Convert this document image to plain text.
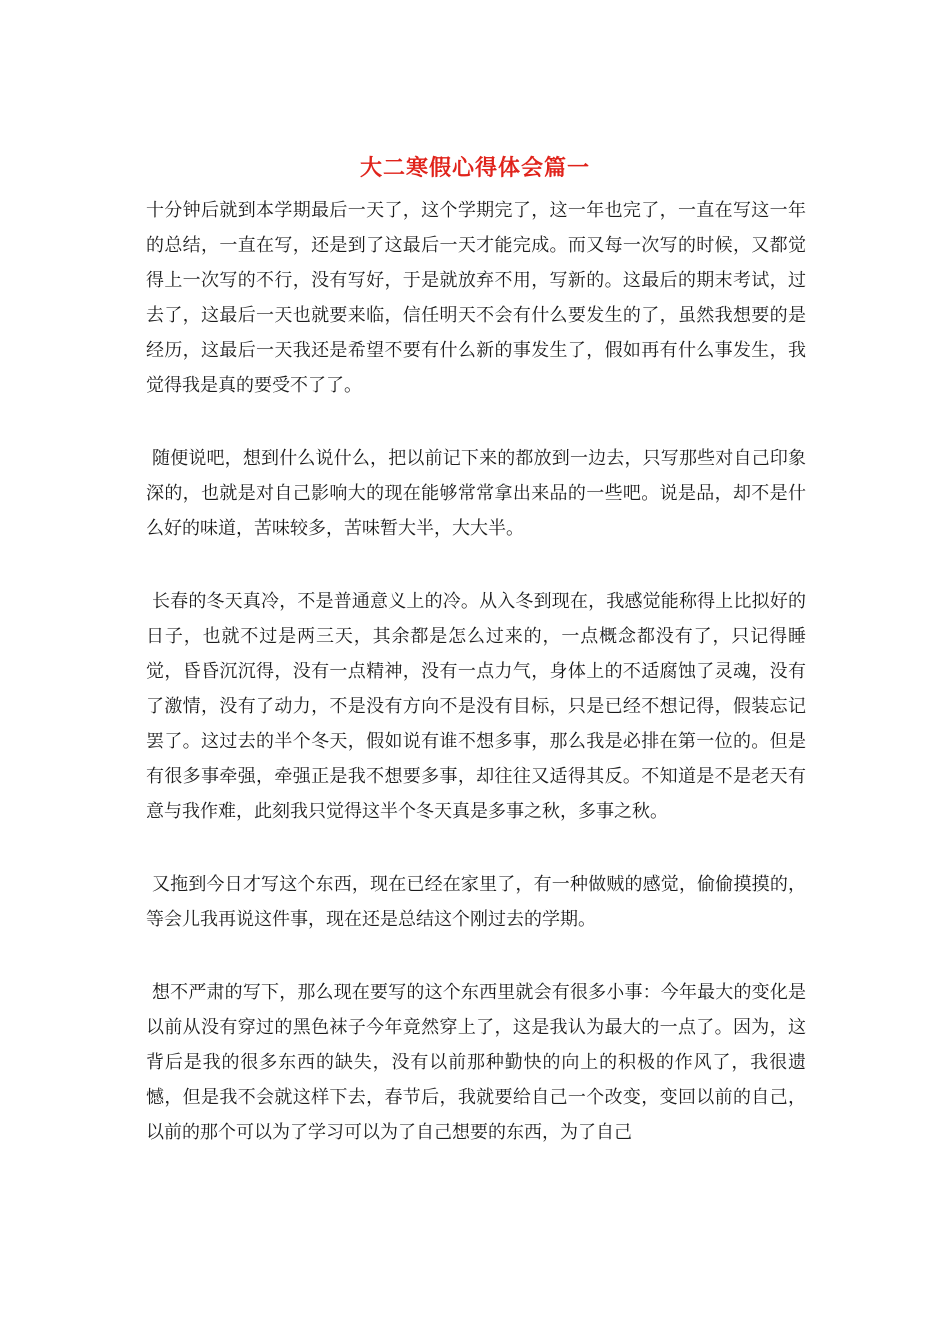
大二寒假心得体会篇一

十分钟后就到本学期最后一天了，这个学期完了，这一年也完了，一直在写这一年的总结，一直在写，还是到了这最后一天才能完成。而又每一次写的时候，又都觉得上一次写的不行，没有写好，于是就放弃不用，写新的。这最后的期末考试，过去了，这最后一天也就要来临，信任明天不会有什么要发生的了，虽然我想要的是经历，这最后一天我还是希望不要有什么新的事发生了，假如再有什么事发生，我觉得我是真的要受不了了。

随便说吧，想到什么说什么，把以前记下来的都放到一边去，只写那些对自己印象深的，也就是对自己影响大的现在能够常常拿出来品的一些吧。说是品，却不是什么好的味道，苦味较多，苦味暂大半，大大半。

长春的冬天真冷，不是普通意义上的冷。从入冬到现在，我感觉能称得上比拟好的日子，也就不过是两三天，其余都是怎么过来的，一点概念都没有了，只记得睡觉，昏昏沉沉得，没有一点精神，没有一点力气，身体上的不适腐蚀了灵魂，没有了激情，没有了动力，不是没有方向不是没有目标，只是已经不想记得，假装忘记罢了。这过去的半个冬天，假如说有谁不想多事，那么我是必排在第一位的。但是有很多事牵强，牵强正是我不想要多事，却往往又适得其反。不知道是不是老天有意与我作难，此刻我只觉得这半个冬天真是多事之秋，多事之秋。

又拖到今日才写这个东西，现在已经在家里了，有一种做贼的感觉，偷偷摸摸的，等会儿我再说这件事，现在还是总结这个刚过去的学期。

想不严肃的写下，那么现在要写的这个东西里就会有很多小事：今年最大的变化是以前从没有穿过的黑色袜子今年竟然穿上了，这是我认为最大的一点了。因为，这背后是我的很多东西的缺失，没有以前那种勤快的向上的积极的作风了，我很遗憾，但是我不会就这样下去，春节后，我就要给自己一个改变，变回以前的自己，以前的那个可以为了学习可以为了自己想要的东西，为了自己
